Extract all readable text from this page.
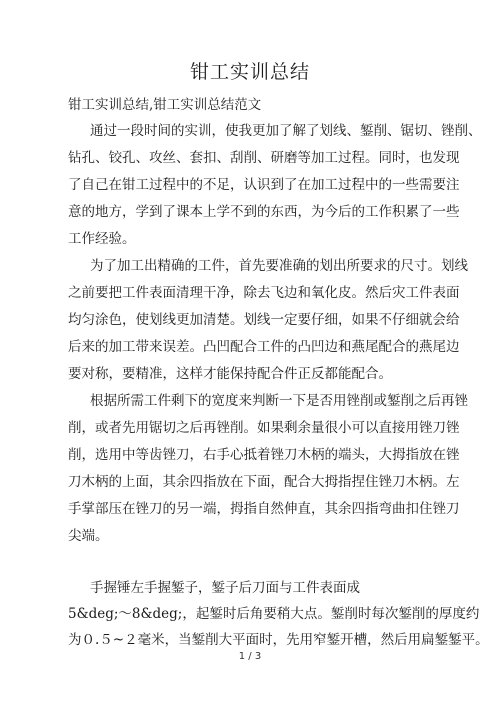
钳工实训总结
钳工实训总结,钳工实训总结范文
通过一段时间的实训，使我更加了解了划线、錾削、锯切、锉削、
钻孔、铰孔、攻丝、套扣、刮削、研磨等加工过程。同时，也发现
了自己在钳工过程中的不足，认识到了在加工过程中的一些需要注
意的地方，学到了课本上学不到的东西，为今后的工作积累了一些
工作经验。
为了加工出精确的工件，首先要准确的划出所要求的尺寸。划线
之前要把工件表面清理干净，除去飞边和氧化皮。然后灾工件表面
均匀涂色，使划线更加清楚。划线一定要仔细，如果不仔细就会给
后来的加工带来误差。凸凹配合工件的凸凹边和燕尾配合的燕尾边
要对称，要精准，这样才能保持配合件正反都能配合。
根据所需工件剩下的宽度来判断一下是否用锉削或錾削之后再锉
削，或者先用锯切之后再锉削。如果剩余量很小可以直接用锉刀锉
削，选用中等齿锉刀，右手心抵着锉刀木柄的端头，大拇指放在锉
刀木柄的上面，其余四指放在下面，配合大拇指捏住锉刀木柄。左
手掌部压在锉刀的另一端，拇指自然伸直，其余四指弯曲扣住锉刀
尖端。
手握锤左手握錾子，錾子后刀面与工件表面成
5&deg;～8&deg;，起錾时后角要稍大点。錾削时每次錾削的厚度约
为０.５~２毫米，当錾削大平面时，先用窄錾开槽，然后用扁錾錾平。
1 / 3
